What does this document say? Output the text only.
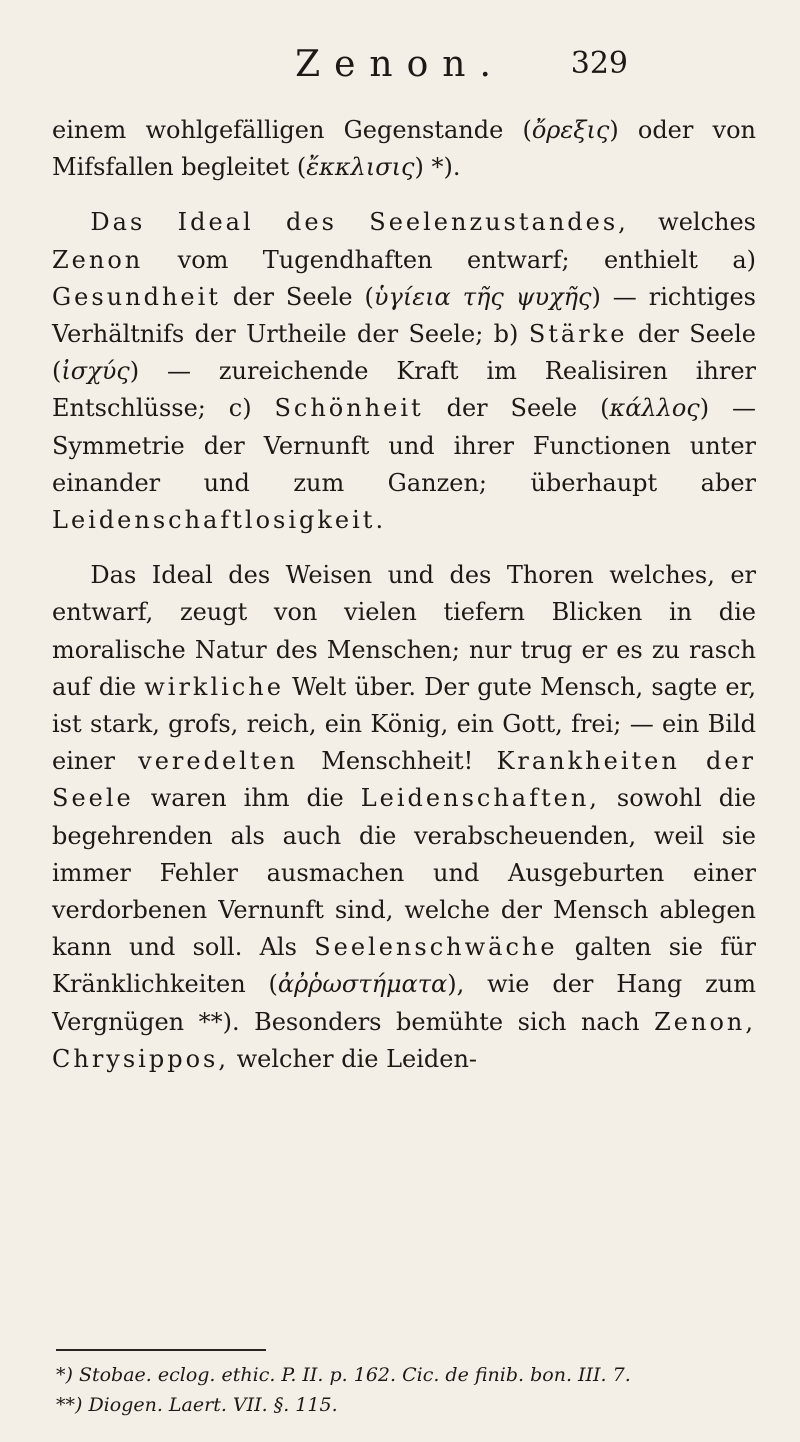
Zenon.	329

einem wohlgefälligen Gegenstande (ὄρεξις) oder von Mifsfallen begleitet (ἔκκλισις) *).

Das Ideal des Seelenzustandes, welches Zenon vom Tugendhaften entwarf; enthielt a) Gesundheit der Seele (ὑγίεια τῆς ψυχῆς) — richtiges Verhältnifs der Urtheile der Seele; b) Stärke der Seele (ἰσχύς) — zureichende Kraft im Realisiren ihrer Entschlüsse; c) Schönheit der Seele (κάλλος) — Symmetrie der Vernunft und ihrer Functionen unter einander und zum Ganzen; überhaupt aber Leidenschaftlosigkeit.

Das Ideal des Weisen und des Thoren welches, er entwarf, zeugt von vielen tiefern Blicken in die moralische Natur des Menschen; nur trug er es zu rasch auf die wirkliche Welt über. Der gute Mensch, sagte er, ist stark, grofs, reich, ein König, ein Gott, frei; — ein Bild einer veredelten Menschheit! Krankheiten der Seele waren ihm die Leidenschaften, sowohl die begehrenden als auch die verabscheuenden, weil sie immer Fehler ausmachen und Ausgeburten einer verdorbenen Vernunft sind, welche der Mensch ablegen kann und soll. Als Seelenschwäche galten sie für Kränklichkeiten (ἀῤῥωστήματα), wie der Hang zum Vergnügen **). Besonders bemühte sich nach Zenon, Chrysippos, welcher die Leiden-

*) Stobae. eclog. ethic. P. II. p. 162. Cic. de finib. bon. III. 7.

**) Diogen. Laert. VII. §. 115.
